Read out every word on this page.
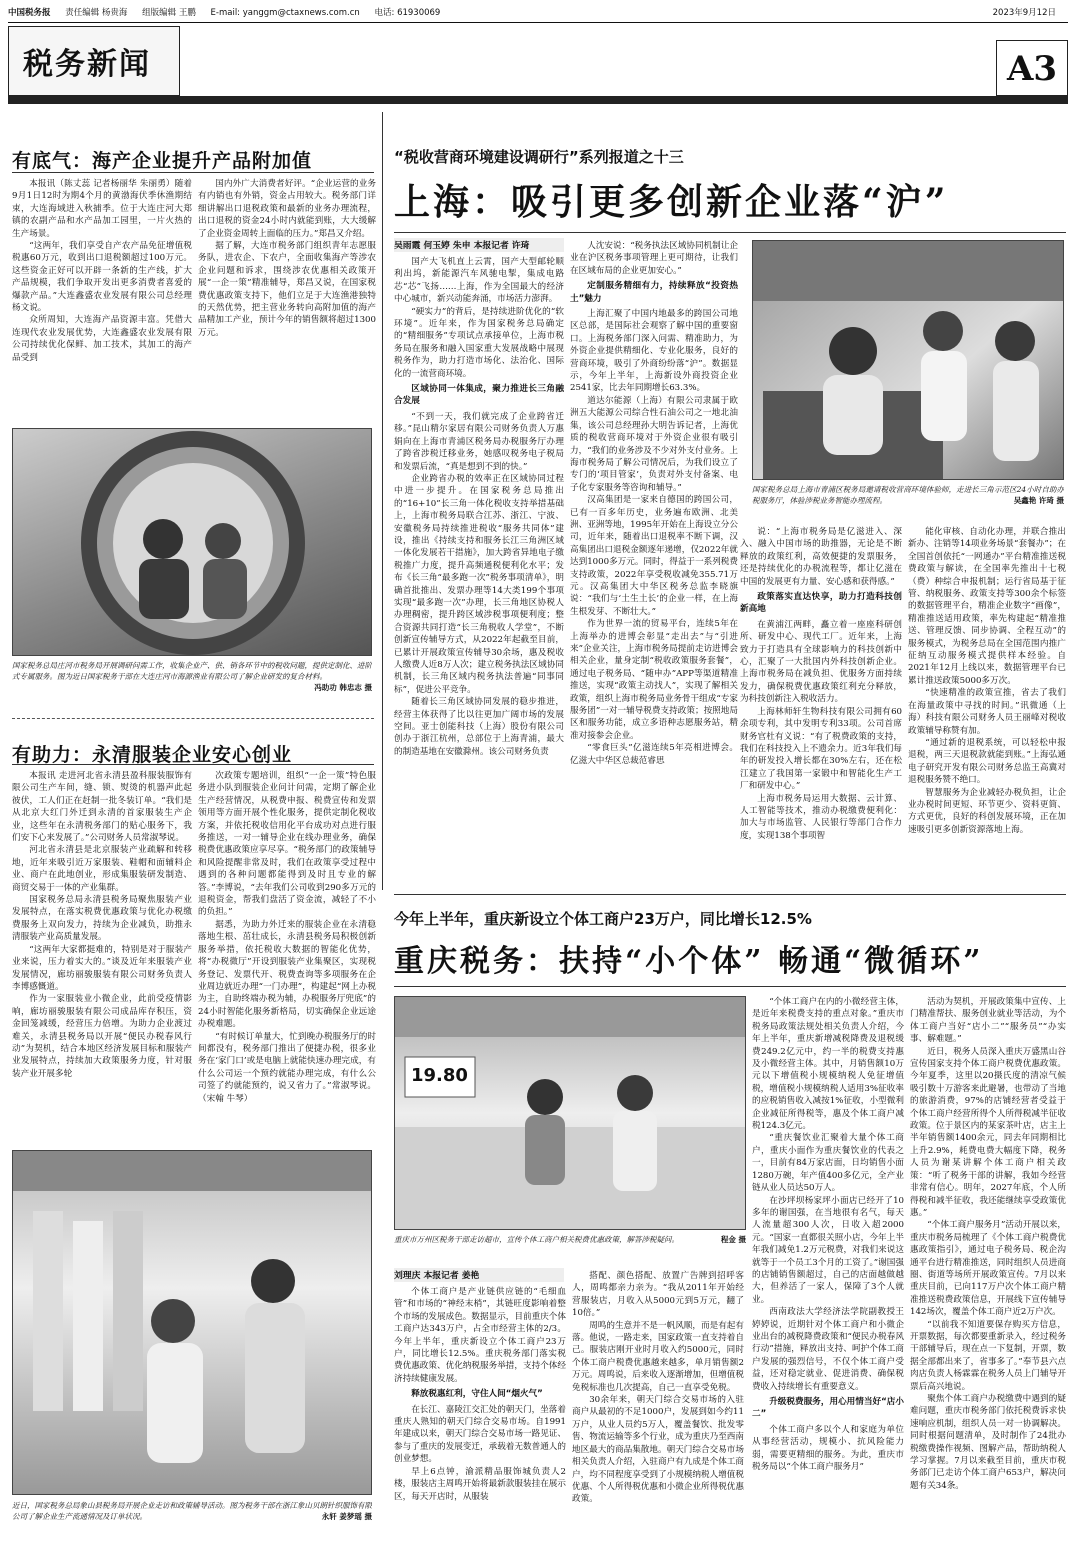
中国税务报 责任编辑 杨贵海 组版编辑 王鹏 E-mail: yanggm@ctaxnews.com.cn 电话: 61930069	2023年9月12日
税务新闻	A3
有底气：海产企业提升产品附加值

本报讯（陈丈蕊 记者杨丽华 朱丽勇）随着9月1日12时为期4个月的黄渤海伏季休渔期结束，大连海域进入秋捕季。位于大连庄河大郑镇的农副产品和水产品加工园里，一片火热的生产场景。

“这两年，我们享受自产农产品免征增值税税惠60万元，收到出口退税额超过100万元。这些资金正好可以开辟一条新的生产线，扩大产品规模，我们争取开发出更多消费者喜爱的爆款产品。”大连鑫盛农业发展有限公司总经理杨文说。

众所周知，大连海产品资源丰富。凭借大连现代农业发展优势，大连鑫盛农业发展有限公司持续优化保鲜、加工技术，其加工的海产品受到

国内外广大消费者好评。“企业运营的业务有内销也有外销，资金占用较大。税务部门详细讲解出口退税政策和最新的业务办理流程，出口退税的资金24小时内就能到账，大大缓解了企业资金周转上面临的压力。”郑昌又介绍。

据了解，大连市税务部门组织青年志愿服务队，进农企、下农户，全面收集海产等涉农企业问题和诉求，围绕涉农优惠相关政策开展“一企一策”精准辅导，郑昌又说，在国家税费优惠政策支持下，他们立足于大连渔港独特的天然优势，把主营业务转向高附加值的海产品精加工产业，预计今年的销售额将超过1300万元。

国家税务总局庄河市税务局开展调研问需工作，收集企业产、供、销各环节中的税收问题，提供定制化、进阶式专属服务。图为近日国家税务干部在大连庄河市海源渔业有限公司了解企业研发的复合材料。
冯助功 韩忠志 摄
有助力：永清服装企业安心创业

本报讯 走进河北省永清县盈科服装服饰有限公司生产车间，缝、锁、熨烫的机器声此起彼伏，工人们正在赶制一批冬装订单。“我们是从北京大红门外迁到永清的首家服装生产企业，这些年在永清税务部门的贴心服务下，我们安下心来发展了。”公司财务人员常淑琴说。

河北省永清县是北京服装产业疏解和转移地，近年来吸引近万家服装、鞋帽和面辅料企业、商户在此地创业，形成集服装研发制造、商贸交易于一体的产业集群。

国家税务总局永清县税务局聚焦服装产业发展特点，在落实税费优惠政策与优化办税缴费服务上双向发力，持续为企业减负，助推永清服装产业高质量发展。

“这两年大家都挺难的，特别是对于服装产业来说，压力着实大的。”谈及近年来服装产业发展情况，廊坊丽骏服装有限公司财务负责人李博感慨道。

作为一家服装业小微企业，此前受疫情影响，廊坊丽骏服装有限公司成品库存积压，资金回笼减缓，经营压力倍增。为助力企业渡过难关，永清县税务局以开展“便民办税春风行动”为契机，结合本地区经济发展目标和服装产业发展特点，持续加大政策服务力度，针对服装产业开展多轮

次政策专题培训，组织“一企一策”特色服务进小队到服装企业问计问需，定期了解企业生产经营情况，从税费申报、税费宣传和发票领用等方面开展个性化服务，提供定制化税收方案，并依托税收信用化平台成功对点进行服务推送，一对一辅导企业在线办理业务，确保税费优惠政策应享尽享。“税务部门的政策辅导和风险提醒非常及时，我们在政策享受过程中遇到的各种问题都能得到及时且专业的解答。”李博说，“去年我们公司收到290多万元的退税资金，帮我们盘活了资金流，减轻了不小的负担。”

据悉，为助力外迁来的服装企业在永清稳落地生根、茁壮成长，永清县税务局积极创新服务举措，依托税收大数据的智能化优势，将“办税微厅”开设到服装产业集聚区，实现税务登记、发票代开、税费查询等多项服务在企业周边就近办理“一门办理”，构建起“网上办税为主，自助终端办税为辅，办税服务厅兜底”的24小时智能化服务新格局，切实确保企业远途办税难题。

“有时候订单量大，忙到晚办税服务厅的时间都没有，税务部门推出了便捷办税，很多业务在‘家门口’或是电脑上就能快速办理完成，有什么公司运一个预约就能办理完成，有什么公司签了约就能预约，说又省力了。”常淑琴说。（宋翰 牛琴）

近日，国家税务总局象山县税务局开展企业走访和政策辅导活动。图为税务干部在浙江象山贝朗针织服饰有限公司了解企业生产流通情况及订单状况。	永轩 姜梦瑶 摄
“税收营商环境建设调研行”系列报道之十三
上海：吸引更多创新企业落“沪”
吴雨霞 何玉婷 朱申 本报记者 许琦

国产大飞机直上云霄，国产大型邮轮顺利出坞，新能源汽车风驰电掣，集成电路芯“芯”飞扬……上海，作为全国最大的经济中心城市，新兴动能奔涌，市场活力澎湃。

“硬实力”的背后，是持续进阶优化的“软环境”。近年来，作为国家税务总局确定的“精细服务”专项试点承接单位，上海市税务局在服务和融入国家重大发展战略中展现税务作为，助力打造市场化、法治化、国际化的一流营商环境。

区域协同一体集成，聚力推进长三角融合发展

“不到一天，我们就完成了企业跨省迁移。”昆山精尔家居有限公司财务负责人万惠娟向在上海市青浦区税务局办税服务厅办理了跨省涉税迁移业务，她感叹税务电子税局和发票后流，“真是想到不到的快。”

企业跨省办税的效率正在区域协同过程中进一步提升。在国家税务总局推出的“16+10”长三角一体化税收支持举措基础上，上海市税务局联合江苏、浙江、宁波、安徽税务局持续推进税收“服务共同体”建设，推出《持续支持和服务长江三角洲区域一体化发展若干措施》，加大跨省异地电子缴税推广力度，提升高频通税便利化水平；发布《长三角“最多跑一次”税务事项清单》，明确首批推出、发票办理等14大类199个事项实现“最多跑一次”办理，长三角地区协税人办理稠密，提升跨区域涉税事项便利度；整合资源共同打造“长三角税收人学堂”，不断创新宣传辅导方式，从2022年起截至目前，已累计开展政策宣传辅导30余场，惠及税收人缴费人近8万人次；建立税务执法区域协同机制，长三角区域内税务执法普遍“同事同标”，促进公平竞争。

随着长三角区域协同发展的稳步推进，经营主体获得了比以往更加广阔市场的发展空间。亚士创能科技（上海）股份有限公司创办于浙江杭州，总部位于上海青浦，最大的制造基地在安徽滁州。该公司财务负责

人沈安说：“税务执法区域协同机制让企业在沪区税务事项管理上更可期待，让我们在区域布局的企业更加安心。”

定制服务精细有力，持续释放“投资热土”魅力

上海汇聚了中国内地最多的跨国公司地区总部，是国际社会观察了解中国的重要窗口。上海税务部门深入问需、精准助力，为外资企业提供精细化、专业化服务，良好的营商环境，吸引了外商纷纷落“沪”。数据显示，今年上半年，上海新设外商投资企业2541家，比去年同期增长63.3%。

道达尔能源（上海）有限公司隶属于欧洲五大能源公司综合性石油公司之一地北油集，该公司总经理孙大明告诉记者，上海优质的税收营商环境对于外资企业很有吸引力，“我们的业务涉及不少对外支付业务。上海市税务局了解公司情况后，为我们设立了专门的‘项目管家’，负责对外支付备案、电子化专家服务等咨询和辅导。”

汉高集团是一家来自德国的跨国公司，已有一百多年历史，业务遍布欧洲、北美洲、亚洲等地，1995年开始在上海设立分公司，近年来，随着出口退税率不断下调，汉高集团出口退税金额逐年递增，仅2022年就达到1000多万元。同时，得益于一系列税费支持政策，2022年享受税收减免355.71万元。汉高集团大中华区税务总监李晓旗说：“我们与‘土生土长’的企业一样，在上海生根发芽、不断壮大。”

作为世界一流的贸易平台，连续5年在上海举办的进博会彰显“走出去”与“引进来”企业关注，上海市税务局提前走访进博会相关企业，量身定制“税收政策服务套餐”，通过电子税务局、“随申办”APP等渠道精准推送，实现“政策主动找人”，实现了解相关政策，组织上海市税务局业务骨干组成“专家服务团”一对一辅导税费支持政策；按照地局区和服务功能，成立多语种志愿服务站，精准对接参会企业。

“零食巨头”亿滋连续5年亮相进博会。亿滋大中华区总裁范睿思

国家税务总局上海市青浦区税务局邀请税收营商环境体验师，走进长三角示范区24小时自助办税服务厅，体验涉税业务智能办理流程。	吴鑫艳 许琦 摄

说：“上海市税务局是亿滋进入、深入、融入中国市场的助推器，无论是不断释放的政策红利，高效便捷的发票服务，还是持续优化的办税流程等，都让亿滋在中国的发展更有力量、安心感和获得感。”

政策落实直达快享，助力打造科技创新高地

在黄浦江两畔，矗立着一座座科研创所、研发中心、现代工厂。近年来，上海致力于打造具有全球影响力的科技创新中心，汇聚了一大批国内外科技创新企业。上海市税务局在减负担、优服务方面持续发力，确保税费优惠政策红利充分释放，为科技创新注入税收活力。

上海林师轩生物科技有限公司拥有60余项专利，其中发明专利33项。公司首席财务官杜有义说：“有了税费政策的支持，我们在科技投入上不遗余力。近3年我们每年的研发投入增长都在30%左右，还在松江建立了我国第一家锻中和智能化生产工厂和研发中心。”

上海市税务局运用大数据、云计算、人工智能等技术，推动办税缴费便利化：加大与市场监管、人民银行等部门合作力度，实现138个事项智

能化审核、自动化办理，并联合推出新办、注销等14项业务场景“套餐办”；在全国首创依托“一网通办”平台精准推送税费政策与解读，在全国率先推出十七税（费）种综合申报机制；运行省局基于征管、纳税服务、政策支持等300余个标签的数据管理平台，精准企业数字“画像”，精准推送适用政策，率先构建起“精准推送、管理反馈、同步协调、全程互动”的服务模式，为税务总局在全国范围内推广征纳互动服务模式提供样本经验。自2021年12月上线以来，数据管理平台已累计推送政策5000多万次。

“快速精准的政策宣推，省去了我们在海量政策中寻找的时间。”讯微通（上海）科技有限公司财务人员王丽峰对税收政策辅导称赞有加。

“通过新的退税系统，可以轻松申报退税，两三天退税款就能到账。”上海弘通电子研究开发有限公司财务总监王高冀对退税服务赞不绝口。

智慧服务为企业减轻办税负担，让企业办税时间更短、环节更少、资料更简、方式更优，良好的科创发展环境，正在加速吸引更多创新资源落地上海。

今年上半年，重庆新设立个体工商户23万户，同比增长12.5%
重庆税务：扶持“小个体” 畅通“微循环”
19.80
重庆市万州区税务干部走访超市，宣传个体工商户相关税费优惠政策，解答涉税疑问。	程金 摄
刘理庆 本报记者 姜艳

个体工商户是产业链供应链的“毛细血管”和市场的“神经末梢”，其链旺度影响着整个市场的发展成色。数据显示，目前重庆个体工商户达343万户，占全市经营主体的2/3。今年上半年，重庆新设立个体工商户23万户，同比增长12.5%。重庆税务部门落实税费优惠政策、优化纳税服务举措，支持个体经济持续健康发展。

释放税惠红利，守住人间“烟火气”

在长江、嘉陵江交汇处的朝天门，坐落着重庆人熟知的朝天门综合交易市场。自1991年建成以来，朝天门综合交易市场一路见证、参与了重庆的发展变迁，承载着无数普通人的创业梦想。

早上6点钟，渝派精品服饰城负责人2楼，服装店主周鸣开始将最新款服装挂在展示区，每天开店时，从服装

搭配、颜色搭配、放置广告牌到招呼客人，周鸣都亲力亲为。“我从2011年开始经营服装店，月收入从5000元到5万元，翻了10倍。”

周鸣的生意并不是一帆风顺，而是有起有落。他说，一路走来，国家政策一直支持着自己。服装店刚开业时月收入约5000元，同时个体工商户税费优惠越来越多，单月销售额2万元。周鸣说，后来收入逐渐增加，但增值税免税标准也几次提高，自己一直享受免税。

30余年来，朝天门综合交易市场的入驻商户从最初的不足1000户，发展到如今约11万户，从业人员约5万人，覆盖餐饮、批发零售、物流运输等多个行业，成为重庆乃至西南地区最大的商品集散地。朝天门综合交易市场相关负责人介绍，入驻商户有九成是个体工商户，均不同程度享受到了小规模纳税人增值税优惠、个人所得税优惠和小微企业所得税优惠政策。

“个体工商户在内的小微经营主体，是近年来税费支持的重点对象。”重庆市税务局政策法规处相关负责人介绍，今年上半年，重庆新增减税降费及退税缓费249.2亿元中，约一半的税费支持惠及小微经营主体。其中，月销售额10万元以下增值税小规模纳税人免征增值税，增值税小规模纳税人适用3%征收率的应税销售收入减按1%征收，小型微利企业减征所得税等，惠及个体工商户减税124.3亿元。

“重庆餐饮业汇聚着大量个体工商户，重庆小面作为重庆餐饮业的代表之一，目前有84万家店面，日均销售小面1280万碗，年产值400多亿元，全产业链从业人员达50万人。

在沙坪坝杨家坪小面店已经开了10多年的谢国强，在当地很有名气，每天人流量超300人次，日收入超2000元。“国家一直都很关照小店，今年上半年我们减免1.2万元税费，对我们来说这就等于一个员工3个月的工资了。”谢国强的店铺销售额超过，自己的店面越做越大，但养活了一家人，保障了3个人就业。

西南政法大学经济法学院副教授王婷婷说，近期针对个体工商户和小微企业出台的减税降费政策和“便民办税春风行动”措施，释放出支持、呵护个体工商户发展的强烈信号，不仅个体工商户受益，还对稳定就业、促进消费、确保税费收入持续增长有重要意义。

升级税费服务，用心用情当好“店小二”

个体工商户多以个人和家庭为单位从事经营活动，规模小、抗风险能力弱，需要更精细的服务。为此，重庆市税务局以“个体工商户服务月”

活动为契机，开展政策集中宣传、上门精准帮扶、服务创业就业等活动，为个体工商户当好“店小二”“服务员”“办实事、解难题。”

近日，税务人员深入重庆万盛黑山谷宣传国家支持个体工商户税费优惠政策。今年夏季，这里以20摄氏度的清凉气候吸引数十万游客来此避暑，也带动了当地的旅游消费，97%的店铺经营者受益于个体工商户经营所得个人所得税减半征收政策。位于景区内的某家茶叶店，店主上半年销售额1400余元，同去年同期相比上升2.9%，耗费电费大幅度下降，税务人员为谢某讲解个体工商户相关政策：“听了税务干部的讲解，我如今经营非常有信心。明年，2027年底，个人所得税和减半征收，我还能继续享受政策优惠。”

“个体工商户服务月”活动开展以来，重庆市税务局梳理了《个体工商户税费优惠政策指引》，通过电子税务局、税企沟通平台进行精准推送，同时组织人员进商圈、街道等场所开展政策宣传。7月以来重庆目前，已向117万户次个体工商户精准推送税费政策信息，开展线下宣传辅导142场次，覆盖个体工商户近2万户次。

“以前我不知道要保存购买方信息，开票数据，每次都要重新录入，经过税务干部辅导后，现在点一下复制，开票，数据全部都出来了，省事多了。”奉节县六点肉店负责人杨霖霖在税务人员上门辅导开票后高兴地说。

聚焦个体工商户办税缴费中遇到的疑难问题，重庆市税务部门依托税费诉求快速响应机制，组织人员一对一协调解决。同时根据问题清单，及时制作了24批办税缴费操作视频、图解产品，帮助纳税人学习掌握。7月以来截至目前，重庆市税务部门已走访个体工商户653户，解决问题有关34条。
